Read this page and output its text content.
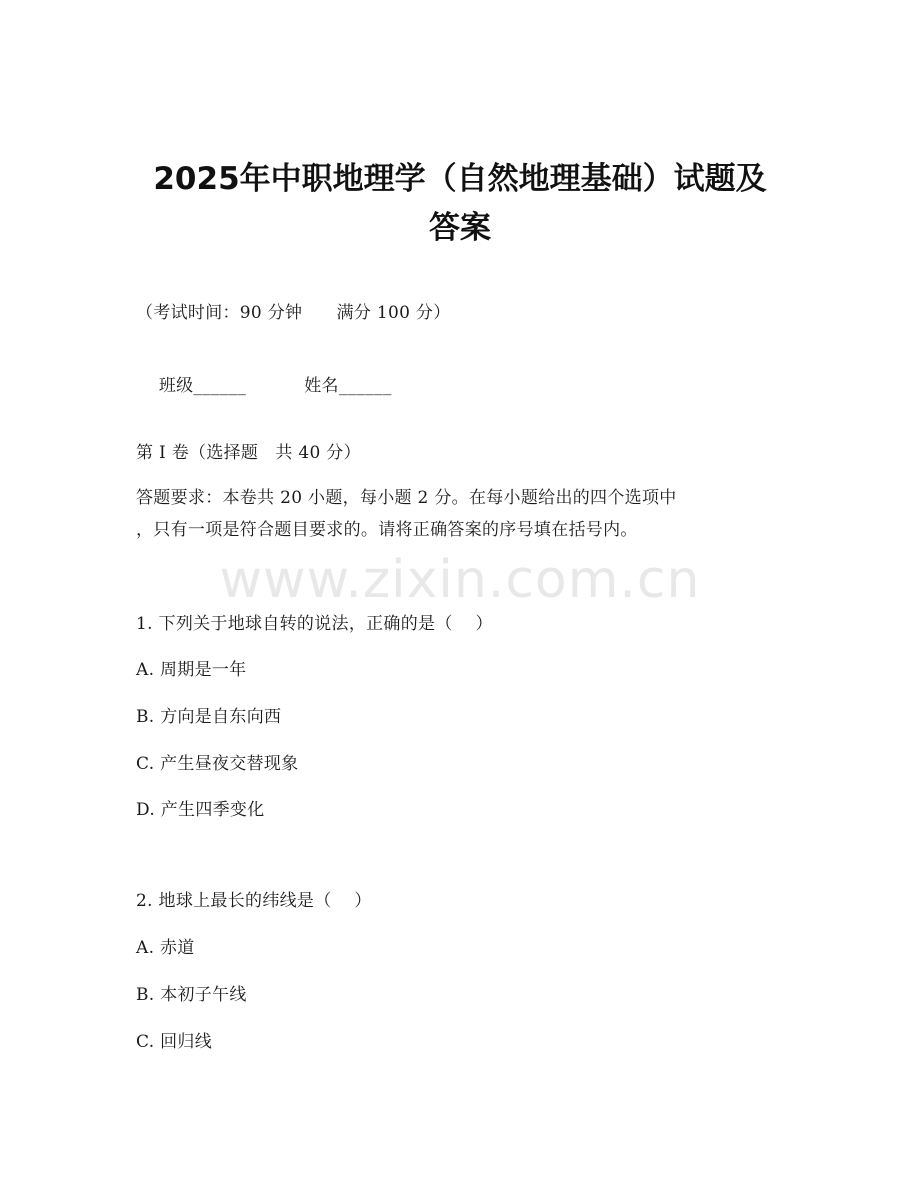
2025年中职地理学（自然地理基础）试题及
答案
（考试时间：90 分钟      满分 100 分）

班级______	姓名______

第 I 卷（选择题   共 40 分）
答题要求：本卷共 20 小题，每小题 2 分。在每小题给出的四个选项中
，只有一项是符合题目要求的。请将正确答案的序号填在括号内。
www.zixin.com.cn
1. 下列关于地球自转的说法，正确的是（    ）
A. 周期是一年
B. 方向是自东向西
C. 产生昼夜交替现象
D. 产生四季变化
2. 地球上最长的纬线是（    ）
A. 赤道
B. 本初子午线
C. 回归线
